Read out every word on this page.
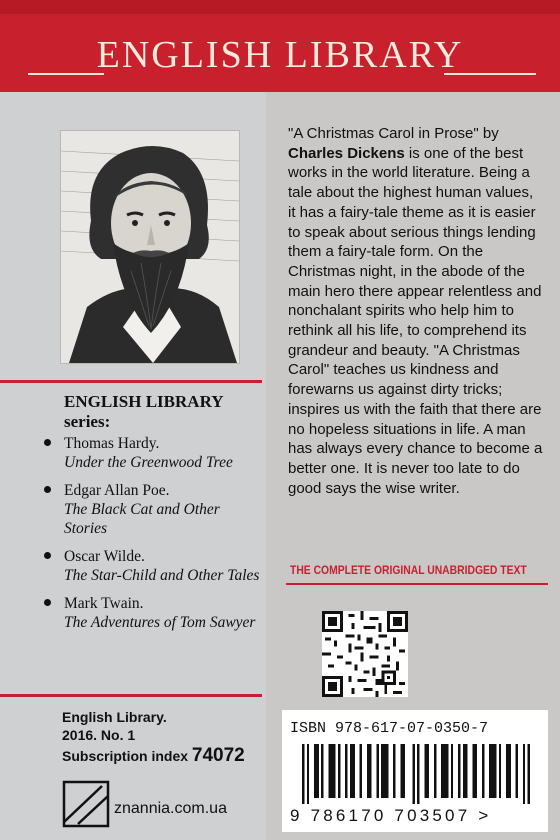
ENGLISH LIBRARY
ENGLISH LIBRARY
series:
Thomas Hardy.
Under the Greenwood Tree
Edgar Allan Poe.
The Black Cat and Other Stories
Oscar Wilde.
The Star-Child and Other Tales
Mark Twain.
The Adventures of Tom Sawyer
English Library.
2016. No. 1
Subscription index 74072
znannia.com.ua

"A Christmas Carol in Prose" by Charles Dickens is one of the best works in the world literature. Being a tale about the highest human values, it has a fairy-tale theme as it is easier to speak about serious things lending them a fairy-tale form. On the Christmas night, in the abode of the main hero there appear relentless and nonchalant spirits who help him to rethink all his life, to comprehend its grandeur and beauty. "A Christmas Carol" teaches us kindness and forewarns us against dirty tricks; inspires us with the faith that there are no hopeless situations in life. A man has always every chance to become a better one. It is never too late to do good says the wise writer.

THE COMPLETE ORIGINAL UNABRIDGED TEXT
ISBN 978-617-07-0350-7
9 786170 703507 >
